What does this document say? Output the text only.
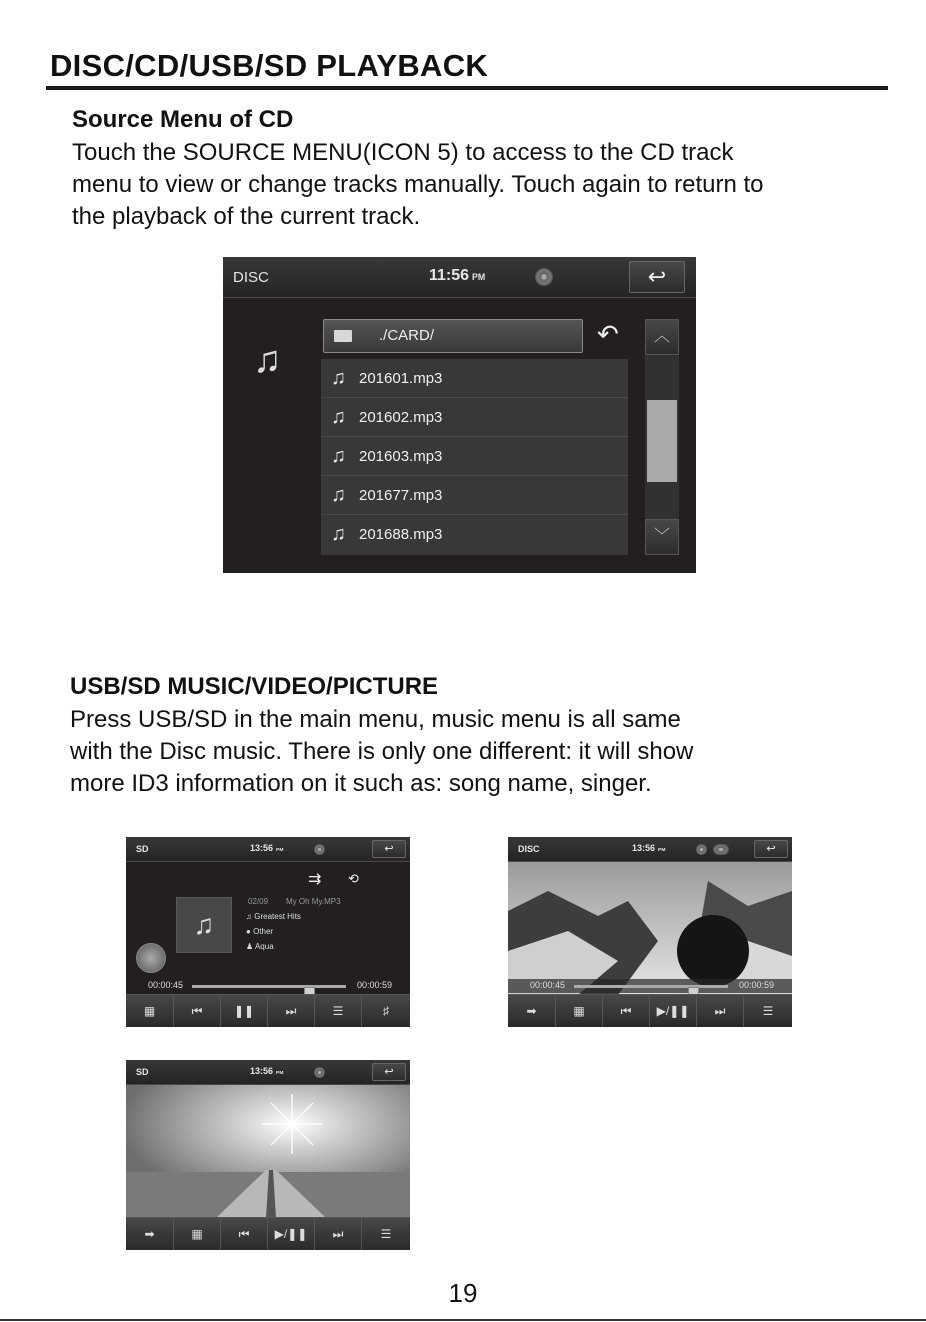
DISC/CD/USB/SD PLAYBACK
Source Menu of CD

Touch the SOURCE MENU(ICON 5) to access to the CD track

menu to view or change tracks manually. Touch again to return to

the playback of the current track.

DISC	11:56 PM	↩
♫
./CARD/	↶
♫ 201601.mp3
♫ 201602.mp3
♫ 201603.mp3
♫ 201677.mp3
♫ 201688.mp3
︿
﹀
USB/SD MUSIC/VIDEO/PICTURE

Press USB/SD in the main menu, music menu is all same

with the Disc music. There is only one different: it will show

more ID3 information on it such as: song name, singer.

SD	13:56 PM	↩
⇉ ⟲
♫
02/09 My Oh My.MP3
♫ Greatest Hits
● Other
♟ Aqua
00:00:45	00:00:59
▦	⏮	❚❚	⏭	☰	♯
DISC	13:56 PM	↩
00:00:45	00:00:59
➡	▦	⏮	▶/❚❚	⏭	☰
SD	13:56 PM	↩
➡	▦	⏮	▶/❚❚	⏭	☰
19
